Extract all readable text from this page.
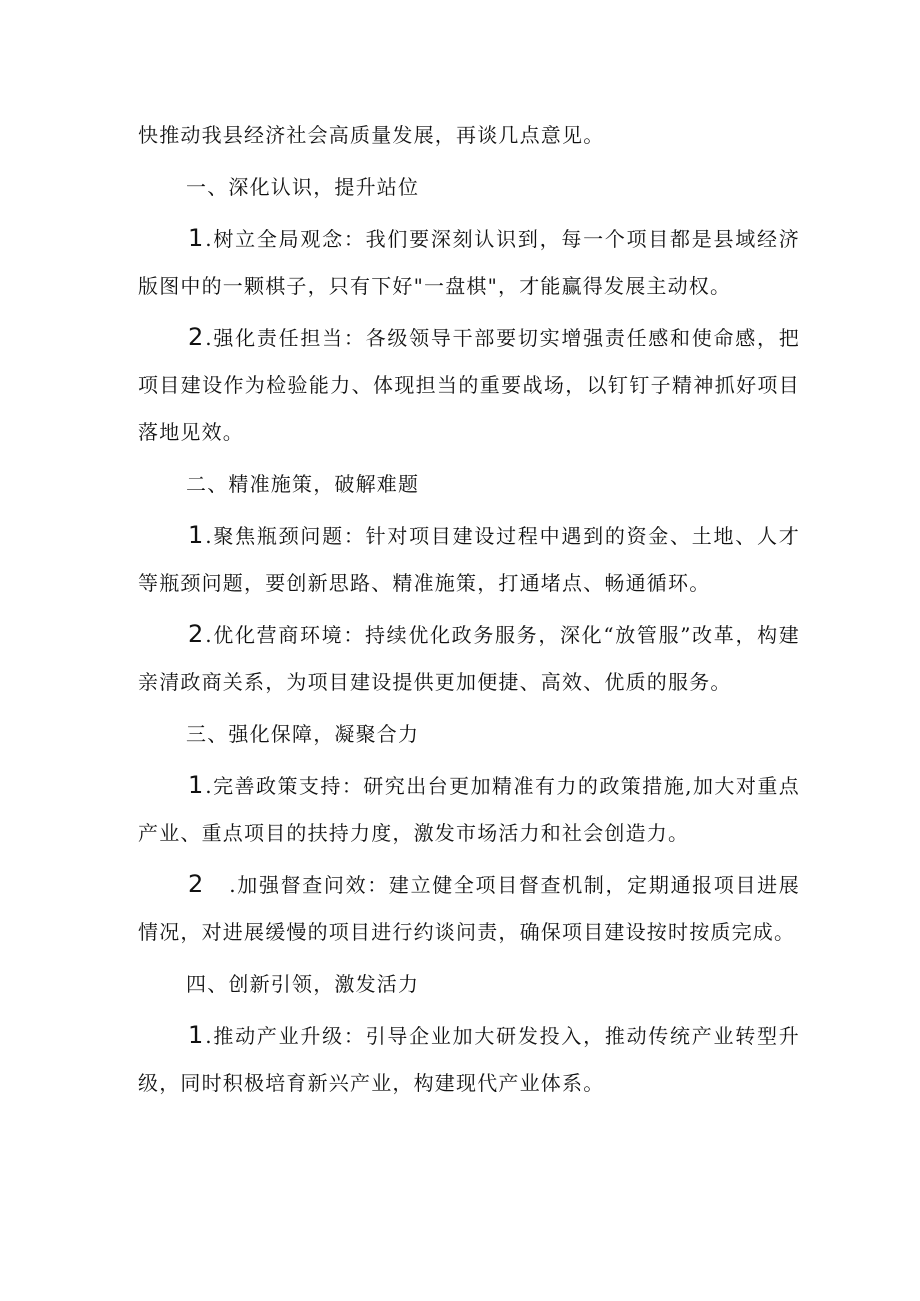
快推动我县经济社会高质量发展，再谈几点意见。

一、深化认识，提升站位

1.树立全局观念：我们要深刻认识到，每一个项目都是县域经济版图中的一颗棋子，只有下好"一盘棋"，才能赢得发展主动权。

2.强化责任担当：各级领导干部要切实增强责任感和使命感，把项目建设作为检验能力、体现担当的重要战场，以钉钉子精神抓好项目落地见效。

二、精准施策，破解难题

1.聚焦瓶颈问题：针对项目建设过程中遇到的资金、土地、人才等瓶颈问题，要创新思路、精准施策，打通堵点、畅通循环。

2.优化营商环境：持续优化政务服务，深化“放管服”改革，构建亲清政商关系，为项目建设提供更加便捷、高效、优质的服务。

三、强化保障，凝聚合力

1.完善政策支持：研究出台更加精准有力的政策措施,加大对重点产业、重点项目的扶持力度，激发市场活力和社会创造力。

2.加强督查问效：建立健全项目督查机制，定期通报项目进展情况，对进展缓慢的项目进行约谈问责，确保项目建设按时按质完成。

四、创新引领，激发活力

1.推动产业升级：引导企业加大研发投入，推动传统产业转型升级，同时积极培育新兴产业，构建现代产业体系。
